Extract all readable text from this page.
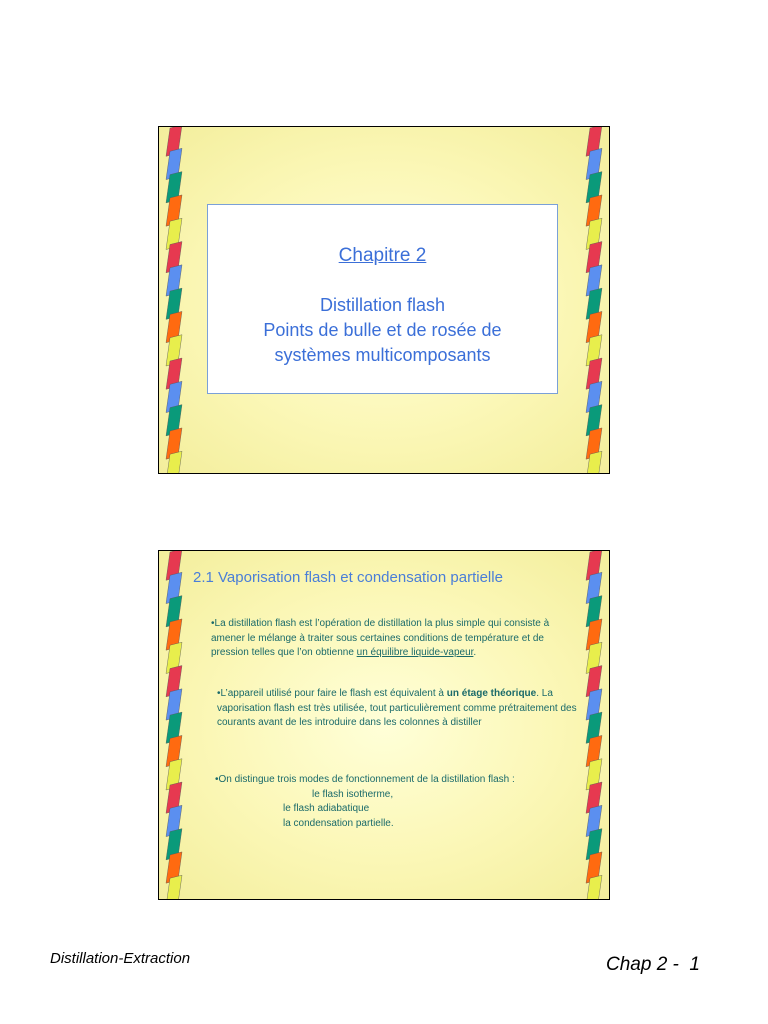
Chapitre 2
Distillation flash
Points de bulle et de rosée de
systèmes multicomposants
2.1 Vaporisation flash et condensation partielle
•La distillation flash est l’opération de distillation la plus simple qui consiste à amener le mélange à traiter sous certaines conditions de température et de pression telles que l’on obtienne un équilibre liquide-vapeur.
•L’appareil utilisé pour faire le flash est équivalent à un étage théorique. La vaporisation flash est très utilisée, tout particulièrement comme prétraitement des courants avant de les introduire dans les colonnes à distiller
•On distingue trois modes de fonctionnement de la distillation flash :
le flash isotherme,
le flash adiabatique
la condensation partielle.
Distillation-Extraction	Chap 2 -  1
